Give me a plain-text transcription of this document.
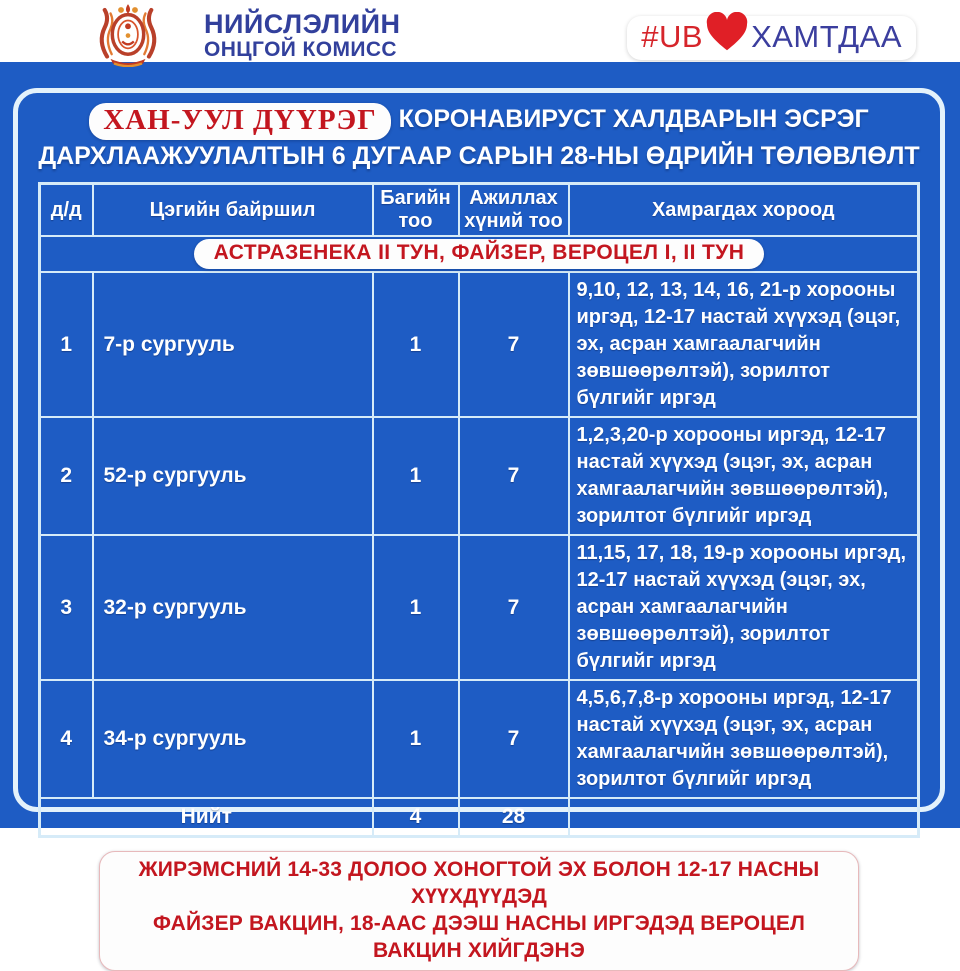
НИЙСЛЭЛИЙН
ОНЦГОЙ КОМИСС	#UB ХАМТДАА
ХАН-УУЛ ДҮҮРЭГ КОРОНАВИРУСТ ХАЛДВАРЫН ЭСРЭГ
ДАРХЛААЖУУЛАЛТЫН 6 ДУГААР САРЫН 28-НЫ ӨДРИЙН ТӨЛӨВЛӨЛТ
д/д	Цэгийн байршил	Багийн тоо	Ажиллах хүний тоо	Хамрагдах хороод
АСТРАЗЕНЕКА II ТУН, ФАЙЗЕР, ВЕРОЦЕЛ I, II ТУН				
1	7-р сургууль	1	7	9,10, 12, 13, 14, 16, 21-р хорооны иргэд, 12-17 настай хүүхэд (эцэг, эх, асран хамгаалагчийн зөвшөөрөлтэй), зорилтот бүлгийг иргэд
2	52-р сургууль	1	7	1,2,3,20-р хорооны иргэд, 12-17 настай хүүхэд (эцэг, эх, асран хамгаалагчийн зөвшөөрөлтэй), зорилтот бүлгийг иргэд
3	32-р сургууль	1	7	11,15, 17, 18, 19-р хорооны иргэд, 12-17 настай хүүхэд (эцэг, эх, асран хамгаалагчийн зөвшөөрөлтэй), зорилтот бүлгийг иргэд
4	34-р сургууль	1	7	4,5,6,7,8-р хорооны иргэд, 12-17 настай хүүхэд (эцэг, эх, асран хамгаалагчийн зөвшөөрөлтэй), зорилтот бүлгийг иргэд
Нийт		4	28	
ЖИРЭМСНИЙ 14-33 ДОЛОО ХОНОГТОЙ ЭХ БОЛОН 12-17 НАСНЫ ХҮҮХДҮҮДЭД
ФАЙЗЕР ВАКЦИН, 18-ААС ДЭЭШ НАСНЫ ИРГЭДЭД ВЕРОЦЕЛ ВАКЦИН ХИЙГДЭНЭ
